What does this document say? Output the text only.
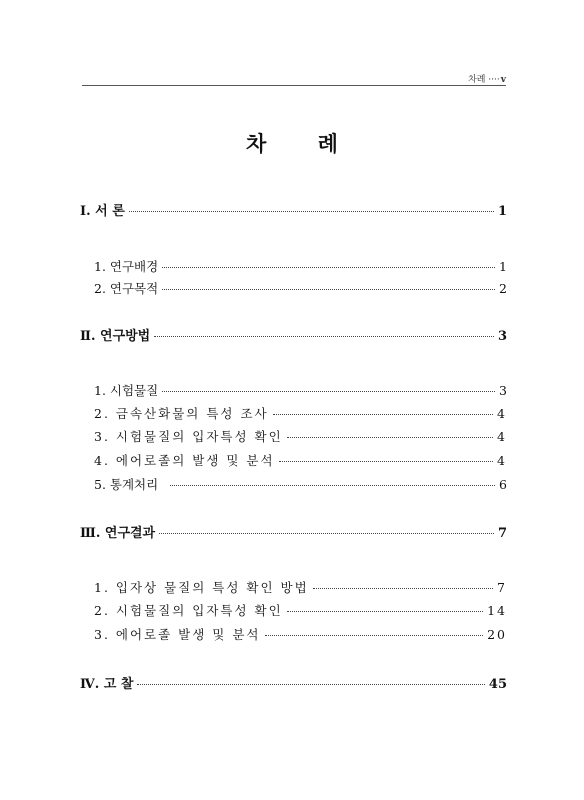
차례 ····v
차 례
Ⅰ. 서 론	1
1. 연구배경	1
2. 연구목적	2
Ⅱ. 연구방법	3
1. 시험물질	3
2. 금속산화물의 특성 조사	4
3. 시험물질의 입자특성 확인	4
4. 에어로졸의 발생 및 분석	4
5. 통계처리	6
Ⅲ. 연구결과	7
1. 입자상 물질의 특성 확인 방법	7
2. 시험물질의 입자특성 확인	14
3. 에어로졸 발생 및 분석	20
Ⅳ. 고 찰	45
